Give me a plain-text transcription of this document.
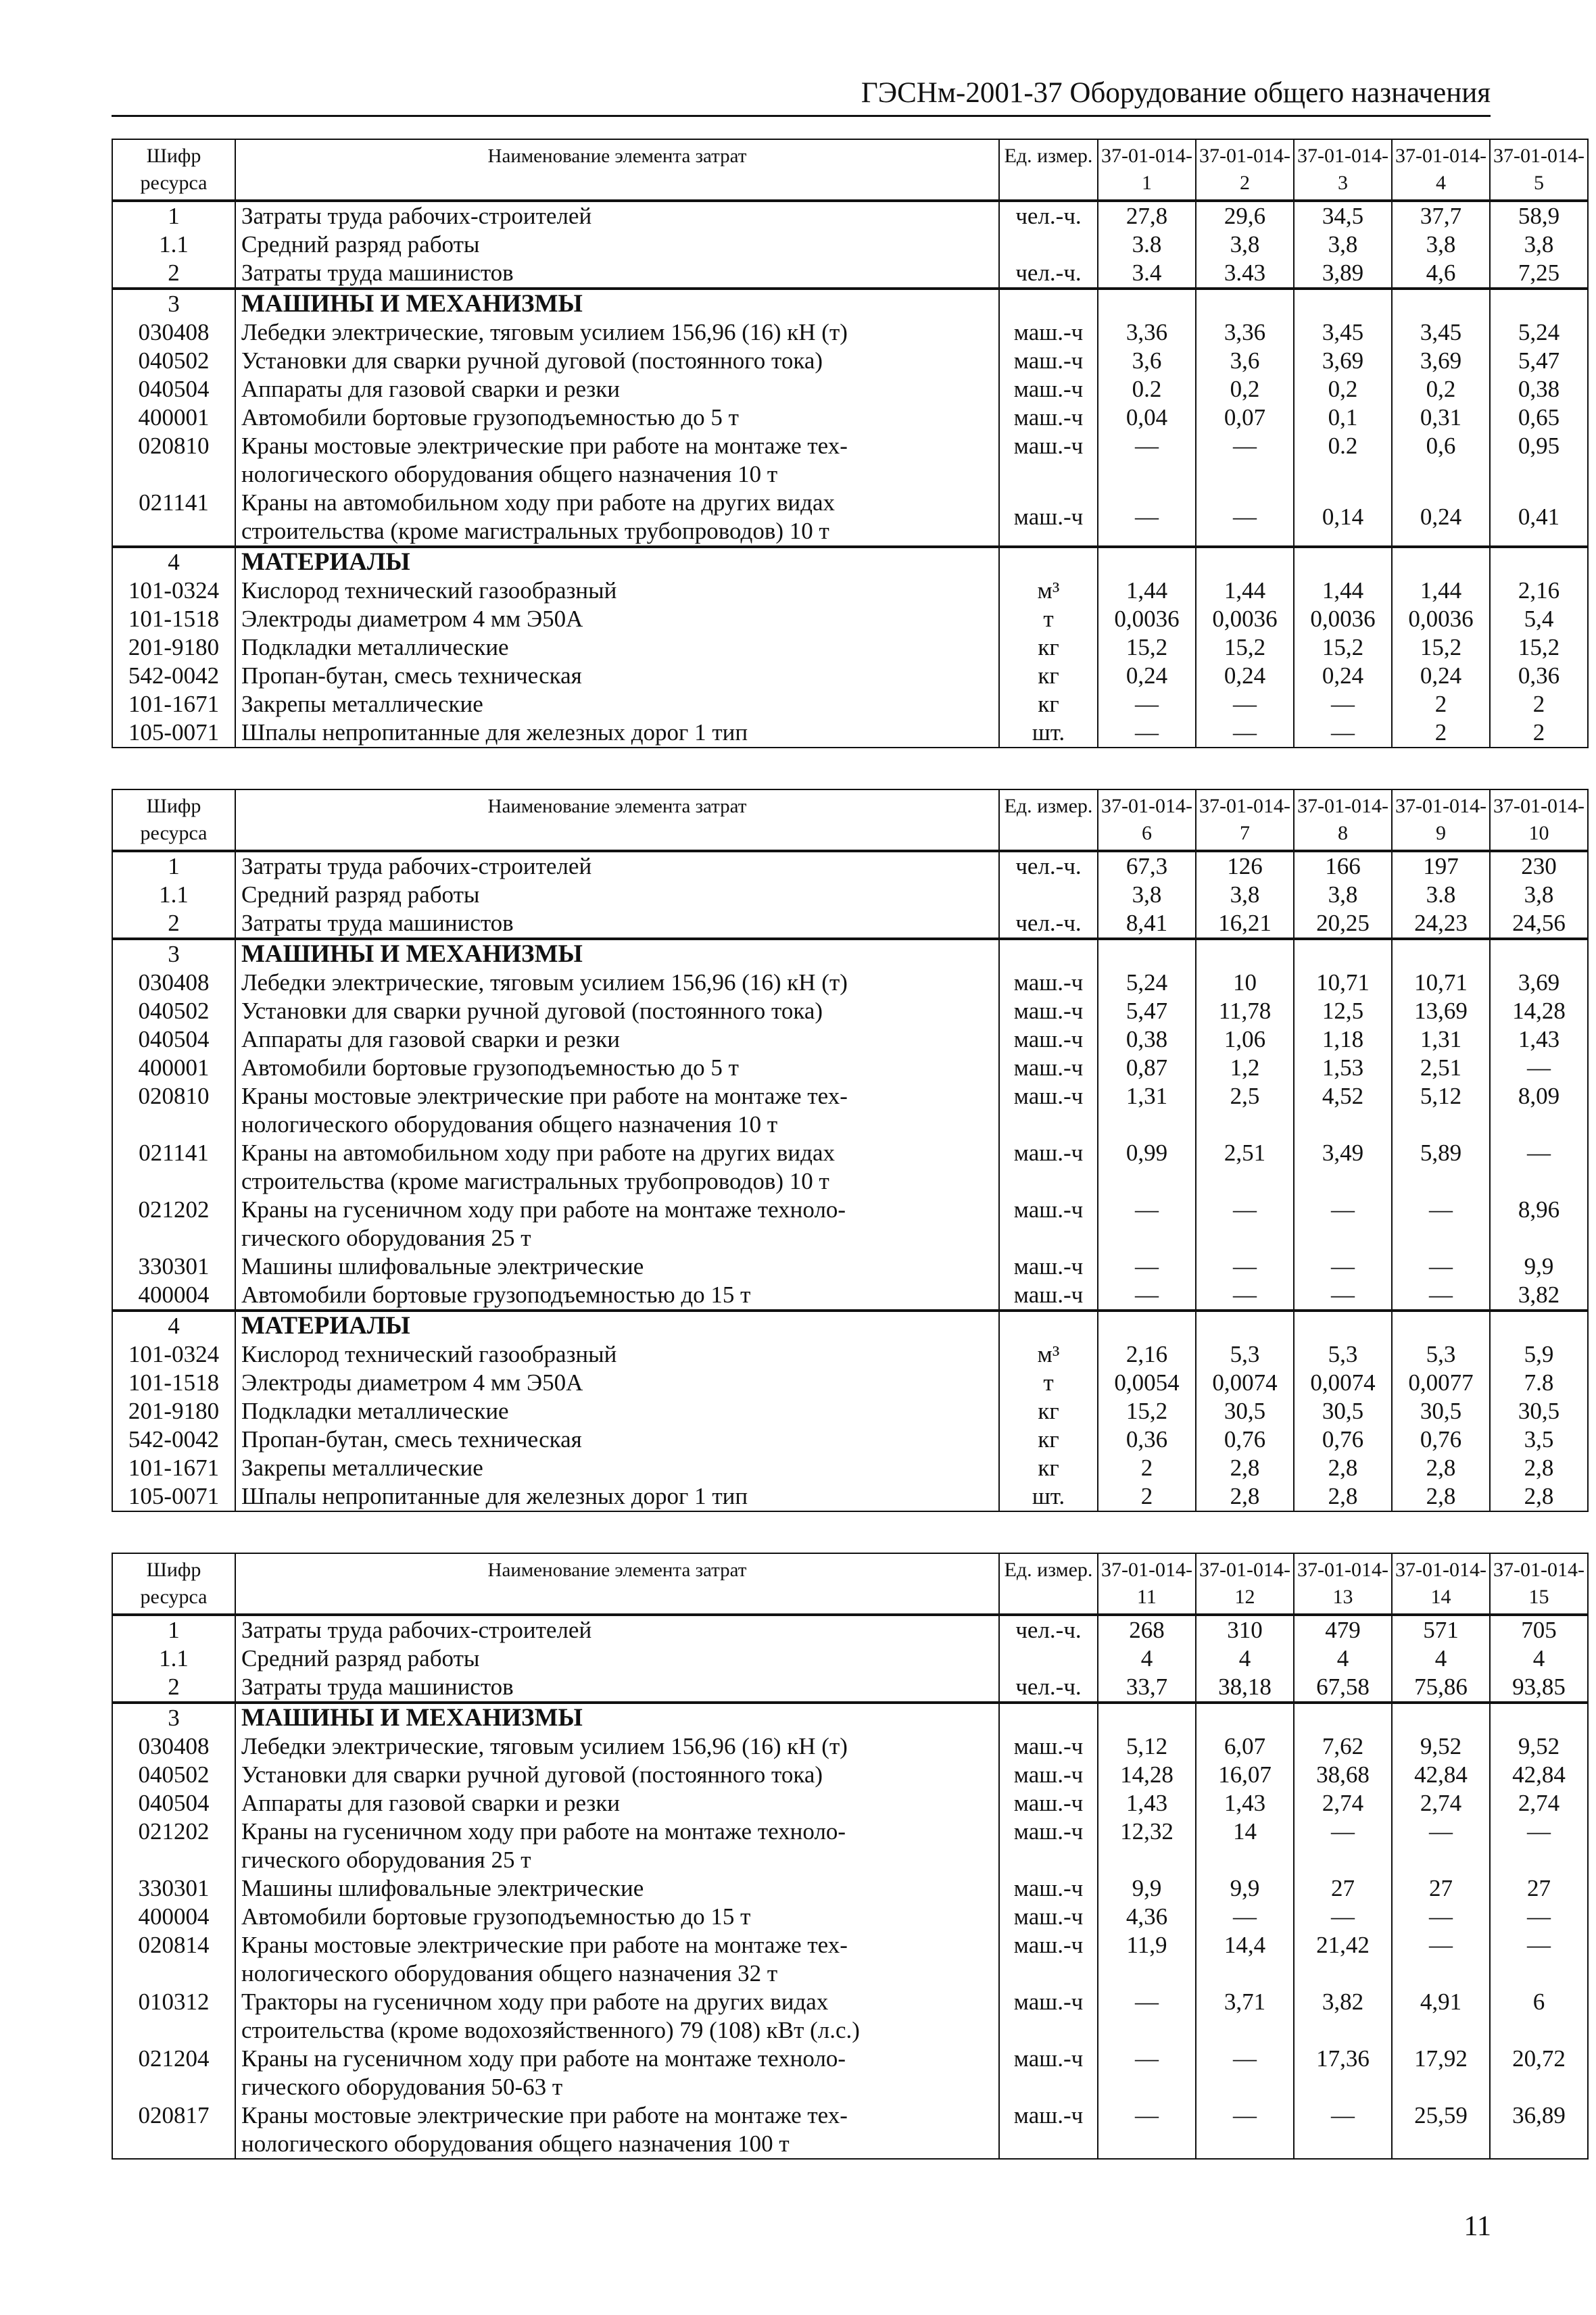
ГЭСНм-2001-37 Оборудование общего назначения
Шифр ресурса	Наименование элемента затрат	Ед. измер.	37-01-014-1	37-01-014-2	37-01-014-3	37-01-014-4	37-01-014-5
1	Затраты труда рабочих-строителей	чел.-ч.	27,8	29,6	34,5	37,7	58,9
1.1	Средний разряд работы		3.8	3,8	3,8	3,8	3,8
2	Затраты труда машинистов	чел.-ч.	3.4	3.43	3,89	4,6	7,25
3	МАШИНЫ И МЕХАНИЗМЫ						

030408	Лебедки электрические, тяговым усилием 156,96 (16) кН (т)	маш.-ч	3,36	3,36	3,45	3,45	5,24
040502	Установки для сварки ручной дуговой (постоянного тока)	маш.-ч	3,6	3,6	3,69	3,69	5,47
040504	Аппараты для газовой сварки и резки	маш.-ч	0.2	0,2	0,2	0,2	0,38
400001	Автомобили бортовые грузоподъемностью до 5 т	маш.-ч	0,04	0,07	0,1	0,31	0,65
020810	Краны мостовые электрические при работе на монтаже тех-
нологического оборудования общего назначения 10 т	маш.-ч	—	—	0.2	0,6	0,95
021141	Краны на автомобильном ходу при работе на других видах
строительства (кроме магистральных трубопроводов) 10 т	маш.-ч	—	—	0,14	0,24	0,41
4	МАТЕРИАЛЫ						

101-0324	Кислород технический газообразный	м³	1,44	1,44	1,44	1,44	2,16
101-1518	Электроды диаметром 4 мм Э50А	т	0,0036	0,0036	0,0036	0,0036	5,4
201-9180	Подкладки металлические	кг	15,2	15,2	15,2	15,2	15,2
542-0042	Пропан-бутан, смесь техническая	кг	0,24	0,24	0,24	0,24	0,36
101-1671	Закрепы металлические	кг	—	—	—	2	2
105-0071	Шпалы непропитанные для железных дорог 1 тип	шт.	—	—	—	2	2
Шифр ресурса	Наименование элемента затрат	Ед. измер.	37-01-014-6	37-01-014-7	37-01-014-8	37-01-014-9	37-01-014-10
1	Затраты труда рабочих-строителей	чел.-ч.	67,3	126	166	197	230
1.1	Средний разряд работы		3,8	3,8	3,8	3.8	3,8
2	Затраты труда машинистов	чел.-ч.	8,41	16,21	20,25	24,23	24,56
3	МАШИНЫ И МЕХАНИЗМЫ						

030408	Лебедки электрические, тяговым усилием 156,96 (16) кН (т)	маш.-ч	5,24	10	10,71	10,71	3,69
040502	Установки для сварки ручной дуговой (постоянного тока)	маш.-ч	5,47	11,78	12,5	13,69	14,28
040504	Аппараты для газовой сварки и резки	маш.-ч	0,38	1,06	1,18	1,31	1,43
400001	Автомобили бортовые грузоподъемностью до 5 т	маш.-ч	0,87	1,2	1,53	2,51	—
020810	Краны мостовые электрические при работе на монтаже тех-
нологического оборудования общего назначения 10 т	маш.-ч	1,31	2,5	4,52	5,12	8,09
021141	Краны на автомобильном ходу при работе на других видах
строительства (кроме магистральных трубопроводов) 10 т	маш.-ч	0,99	2,51	3,49	5,89	—
021202	Краны на гусеничном ходу при работе на монтаже техноло-
гического оборудования 25 т	маш.-ч	—	—	—	—	8,96
330301	Машины шлифовальные электрические	маш.-ч	—	—	—	—	9,9
400004	Автомобили бортовые грузоподъемностью до 15 т	маш.-ч	—	—	—	—	3,82
4	МАТЕРИАЛЫ						

101-0324	Кислород технический газообразный	м³	2,16	5,3	5,3	5,3	5,9
101-1518	Электроды диаметром 4 мм Э50А	т	0,0054	0,0074	0,0074	0,0077	7.8
201-9180	Подкладки металлические	кг	15,2	30,5	30,5	30,5	30,5
542-0042	Пропан-бутан, смесь техническая	кг	0,36	0,76	0,76	0,76	3,5
101-1671	Закрепы металлические	кг	2	2,8	2,8	2,8	2,8
105-0071	Шпалы непропитанные для железных дорог 1 тип	шт.	2	2,8	2,8	2,8	2,8
Шифр ресурса	Наименование элемента затрат	Ед. измер.	37-01-014-11	37-01-014-12	37-01-014-13	37-01-014-14	37-01-014-15
1	Затраты труда рабочих-строителей	чел.-ч.	268	310	479	571	705
1.1	Средний разряд работы		4	4	4	4	4
2	Затраты труда машинистов	чел.-ч.	33,7	38,18	67,58	75,86	93,85
3	МАШИНЫ И МЕХАНИЗМЫ						

030408	Лебедки электрические, тяговым усилием 156,96 (16) кН (т)	маш.-ч	5,12	6,07	7,62	9,52	9,52
040502	Установки для сварки ручной дуговой (постоянного тока)	маш.-ч	14,28	16,07	38,68	42,84	42,84
040504	Аппараты для газовой сварки и резки	маш.-ч	1,43	1,43	2,74	2,74	2,74
021202	Краны на гусеничном ходу при работе на монтаже техноло-
гического оборудования 25 т	маш.-ч	12,32	14	—	—	—
330301	Машины шлифовальные электрические	маш.-ч	9,9	9,9	27	27	27
400004	Автомобили бортовые грузоподъемностью до 15 т	маш.-ч	4,36	—	—	—	—
020814	Краны мостовые электрические при работе на монтаже тех-
нологического оборудования общего назначения 32 т	маш.-ч	11,9	14,4	21,42	—	—
010312	Тракторы на гусеничном ходу при работе на других видах
строительства (кроме водохозяйственного) 79 (108) кВт (л.с.)	маш.-ч	—	3,71	3,82	4,91	6
021204	Краны на гусеничном ходу при работе на монтаже техноло-
гического оборудования 50-63 т	маш.-ч	—	—	17,36	17,92	20,72
020817	Краны мостовые электрические при работе на монтаже тех-
нологического оборудования общего назначения 100 т	маш.-ч	—	—	—	25,59	36,89
11
